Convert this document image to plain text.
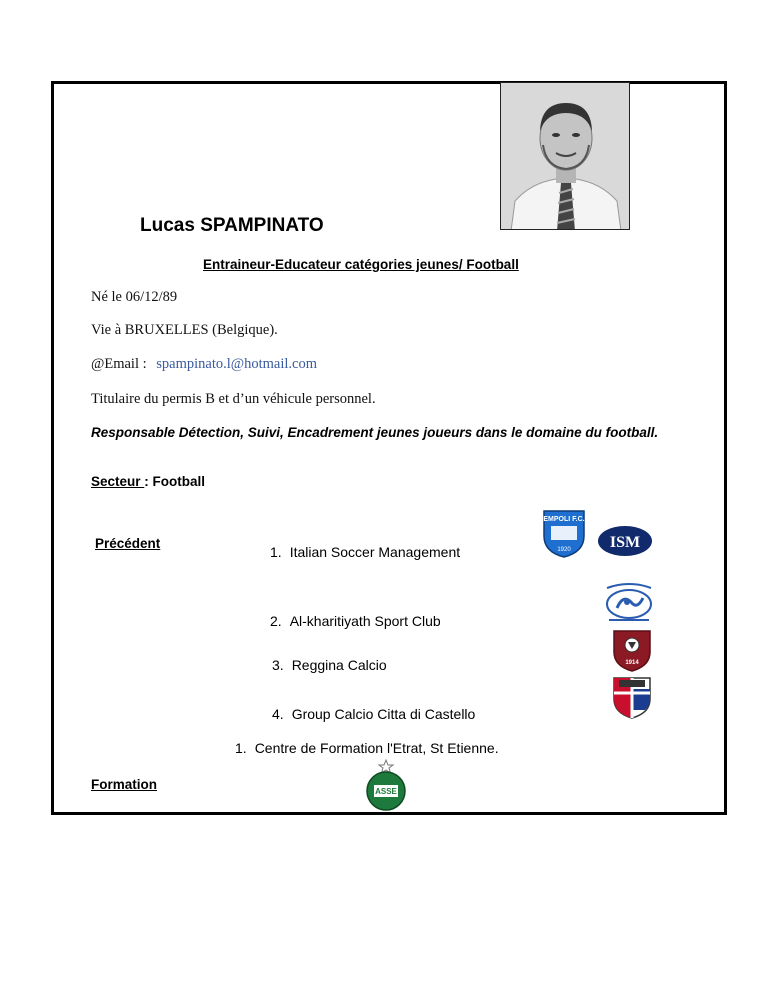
Lucas SPAMPINATO
Entraineur-Educateur catégories jeunes/ Football
Né le 06/12/89
Vie à BRUXELLES (Belgique).
@Email : spampinato.l@hotmail.com
Titulaire du permis B et d’un véhicule personnel.
Responsable Détection, Suivi, Encadrement jeunes joueurs dans le domaine du football.
Secteur : Football
Précédent
1. Italian Soccer Management
2. Al-kharitiyath Sport Club
3. Reggina Calcio
4. Group Calcio Citta di Castello
1. Centre de Formation l'Etrat, St Etienne.
Formation
EMPOLI F.C.
1920 ISM
1914
ASSE
